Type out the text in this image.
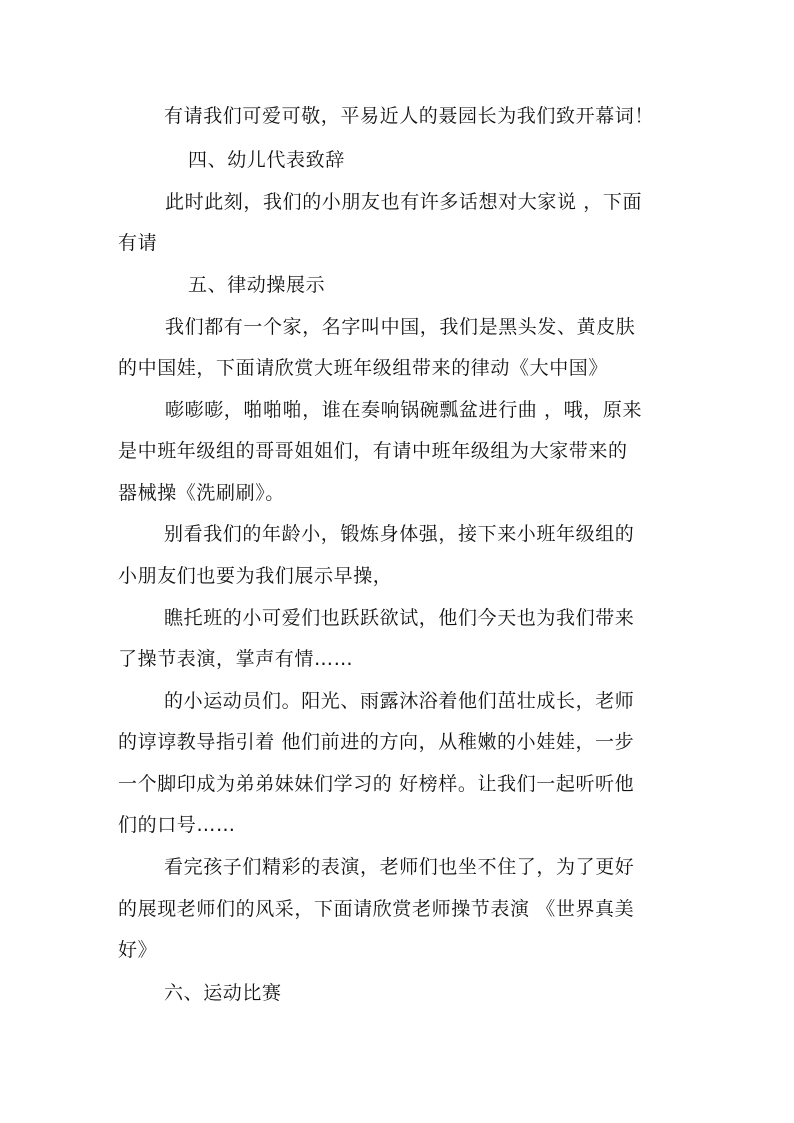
有请我们可爱可敬，平易近人的聂园长为我们致开幕词！
四、幼儿代表致辞
此时此刻，我们的小朋友也有许多话想对大家说 ，下面
有请
五、律动操展示
我们都有一个家，名字叫中国，我们是黑头发、黄皮肤
的中国娃，下面请欣赏大班年级组带来的律动《大中国》
嘭嘭嘭，啪啪啪，谁在奏响锅碗瓢盆进行曲 ，哦，原来
是中班年级组的哥哥姐姐们，有请中班年级组为大家带来的
器械操《洗刷刷》。
别看我们的年龄小，锻炼身体强，接下来小班年级组的
小朋友们也要为我们展示早操，
瞧托班的小可爱们也跃跃欲试，他们今天也为我们带来
了操节表演，掌声有情……
的小运动员们。阳光、雨露沐浴着他们茁壮成长，老师
的谆谆教导指引着 他们前进的方向，从稚嫩的小娃娃，一步
一个脚印成为弟弟妹妹们学习的 好榜样。让我们一起听听他
们的口号……
看完孩子们精彩的表演，老师们也坐不住了，为了更好
的展现老师们的风采，下面请欣赏老师操节表演 《世界真美
好》
六、运动比赛
